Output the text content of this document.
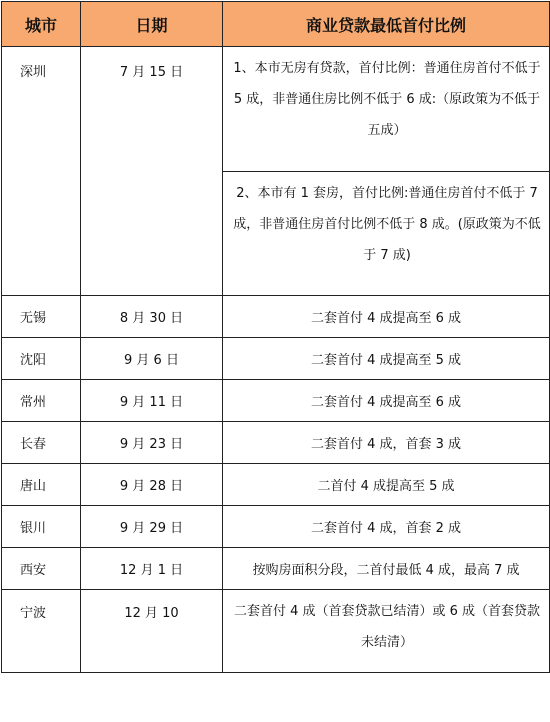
城市	日期	商业贷款最低首付比例
深圳	7 月 15 日	1、本市无房有贷款，首付比例：普通住房首付不低于 5 成，非普通住房比例不低于 6 成:（原政策为不低于五成）
		2、本市有 1 套房，首付比例:普通住房首付不低于 7 成，非普通住房首付比例不低于 8 成。(原政策为不低于 7 成)
无锡	8 月 30 日	二套首付 4 成提高至 6 成
沈阳	9 月 6 日	二套首付 4 成提高至 5 成
常州	9 月 11 日	二套首付 4 成提高至 6 成
长春	9 月 23 日	二套首付 4 成，首套 3 成
唐山	9 月 28 日	二首付 4 成提高至 5 成
银川	9 月 29 日	二套首付 4 成，首套 2 成
西安	12 月 1 日	按购房面积分段，二首付最低 4 成，最高 7 成
宁波	12 月 10	二套首付 4 成（首套贷款已结清）或 6 成（首套贷款未结清）
